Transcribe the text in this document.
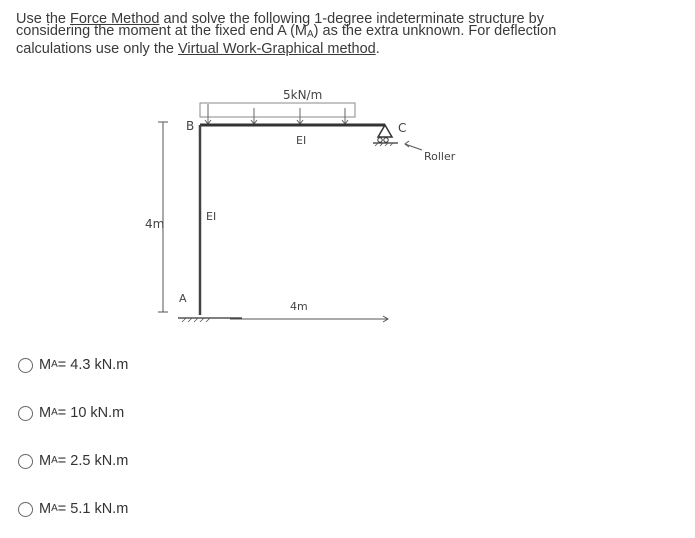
Use the Force Method and solve the following 1-degree indeterminate structure by
considering the moment at the fixed end A $(M_A)$ as the extra unknown. For deflection
calculations use only the Virtual Work-Graphical method.
5kN/m
C
Roller
B
A
EI
EI
4m
4m
M A = 4.3 kN.m
M A = 10 kN.m
M A = 2.5 kN.m
M A = 5.1 kN.m
